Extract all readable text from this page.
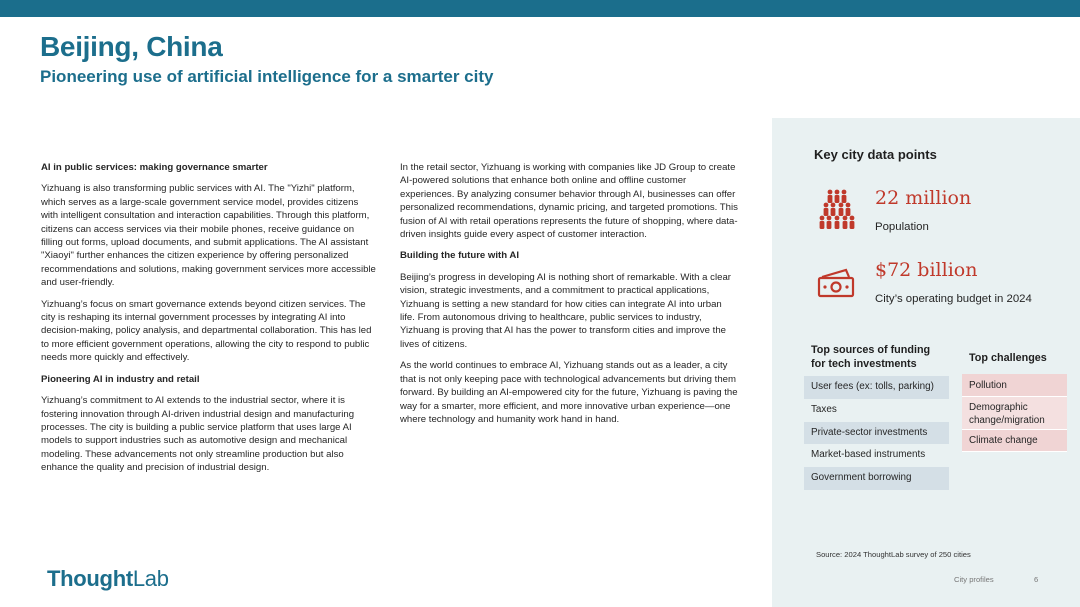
Beijing, China
Pioneering use of artificial intelligence for a smarter city
AI in public services: making governance smarter

Yizhuang is also transforming public services with AI. The "Yizhi" platform, which serves as a large-scale government service model, provides citizens with intelligent consultation and interaction capabilities. Through this platform, citizens can access services via their mobile phones, receive guidance on filling out forms, upload documents, and submit applications. The AI assistant "Xiaoyi" further enhances the citizen experience by offering personalized recommendations and solutions, making government services more accessible and user-friendly.

Yizhuang’s focus on smart governance extends beyond citizen services. The city is reshaping its internal government processes by integrating AI into decision-making, policy analysis, and departmental collaboration. This has led to more efficient government operations, allowing the city to respond to public needs more quickly and effectively.

Pioneering AI in industry and retail

Yizhuang’s commitment to AI extends to the industrial sector, where it is fostering innovation through AI-driven industrial design and manufacturing processes. The city is building a public service platform that uses large AI models to support industries such as automotive design and mechanical modeling. These advancements not only streamline production but also enhance the quality and precision of industrial design.

In the retail sector, Yizhuang is working with companies like JD Group to create AI-powered solutions that enhance both online and offline customer experiences. By analyzing consumer behavior through AI, businesses can offer personalized recommendations, dynamic pricing, and targeted promotions. This fusion of AI with retail operations represents the future of shopping, where data-driven insights guide every aspect of customer interaction.

Building the future with AI

Beijing’s progress in developing AI is nothing short of remarkable. With a clear vision, strategic investments, and a commitment to practical applications, Yizhuang is setting a new standard for how cities can integrate AI into urban life. From autonomous driving to healthcare, public services to industry, Yizhuang is proving that AI has the power to transform cities and improve the lives of citizens.

As the world continues to embrace AI, Yizhuang stands out as a leader, a city that is not only keeping pace with technological advancements but driving them forward. By building an AI-empowered city for the future, Yizhuang is paving the way for a smarter, more efficient, and more innovative urban experience—one where technology and humanity work hand in hand.

Key city data points
22 million
Population
$72 billion
City’s operating budget in 2024
Top sources of funding for tech investments
User fees (ex: tolls, parking)
Taxes
Private-sector investments
Market-based instruments
Government borrowing
Top challenges
Pollution
Demographic change/migration
Climate change
Source: 2024 ThoughtLab survey of 250 cities
ThoughtLab	City profiles	6
